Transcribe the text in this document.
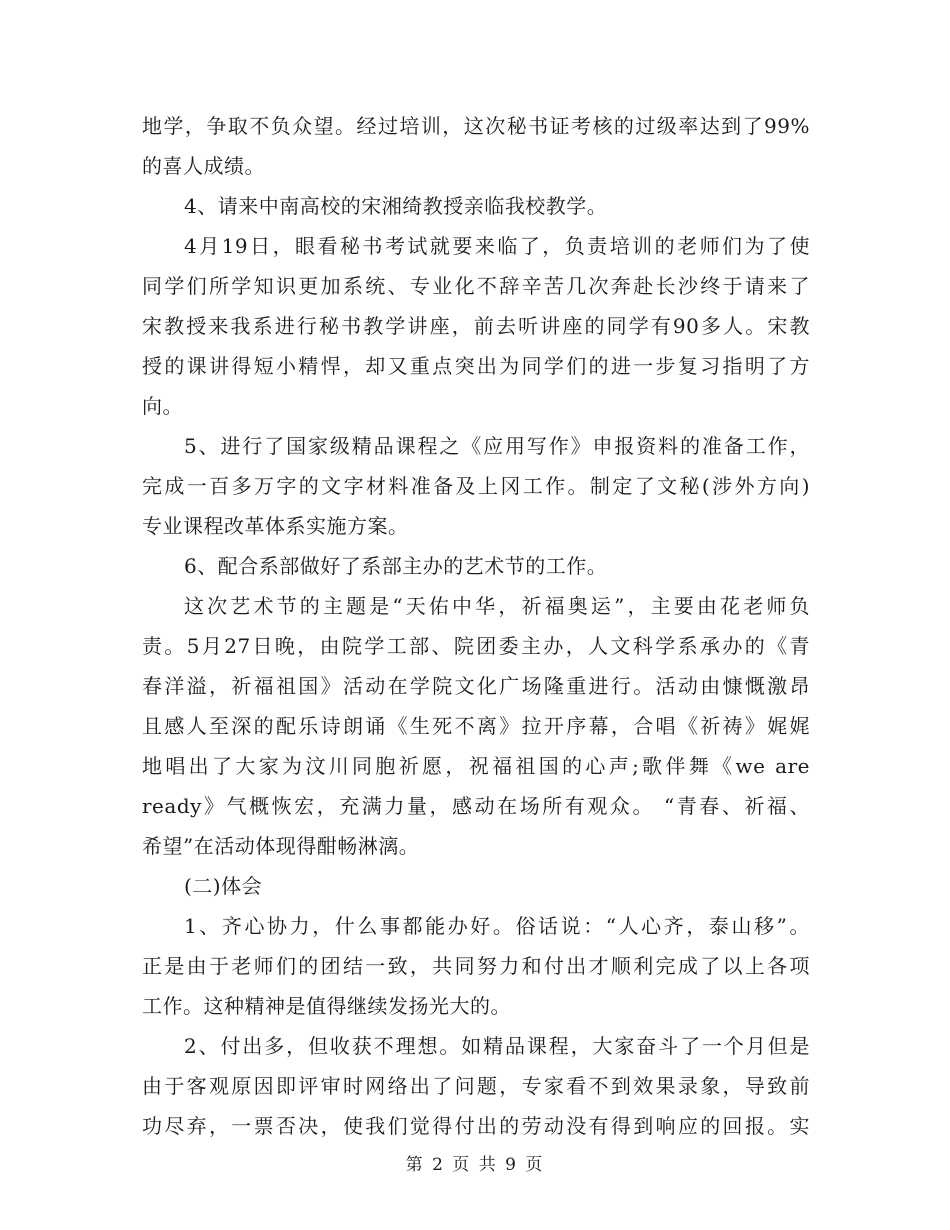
地学，争取不负众望。经过培训，这次秘书证考核的过级率达到了99%
的喜人成绩。
4、请来中南高校的宋湘绮教授亲临我校教学。
4月19日，眼看秘书考试就要来临了，负责培训的老师们为了使
同学们所学知识更加系统、专业化不辞辛苦几次奔赴长沙终于请来了
宋教授来我系进行秘书教学讲座，前去听讲座的同学有90多人。宋教
授的课讲得短小精悍，却又重点突出为同学们的进一步复习指明了方
向。
5、进行了国家级精品课程之《应用写作》申报资料的准备工作，
完成一百多万字的文字材料准备及上冈工作。制定了文秘(涉外方向)
专业课程改革体系实施方案。
6、配合系部做好了系部主办的艺术节的工作。
这次艺术节的主题是“天佑中华，祈福奥运”，主要由花老师负
责。5月27日晚，由院学工部、院团委主办，人文科学系承办的《青
春洋溢，祈福祖国》活动在学院文化广场隆重进行。活动由慷慨激昂
且感人至深的配乐诗朗诵《生死不离》拉开序幕，合唱《祈祷》娓娓
地唱出了大家为汶川同胞祈愿，祝福祖国的心声;歌伴舞《we are
ready》气概恢宏，充满力量，感动在场所有观众。 “青春、祈福、
希望”在活动体现得酣畅淋漓。
(二)体会
1、齐心协力，什么事都能办好。俗话说：“人心齐，泰山移”。
正是由于老师们的团结一致，共同努力和付出才顺利完成了以上各项
工作。这种精神是值得继续发扬光大的。
2、付出多，但收获不理想。如精品课程，大家奋斗了一个月但是
由于客观原因即评审时网络出了问题，专家看不到效果录象，导致前
功尽弃，一票否决，使我们觉得付出的劳动没有得到响应的回报。实
第 2 页 共 9 页
